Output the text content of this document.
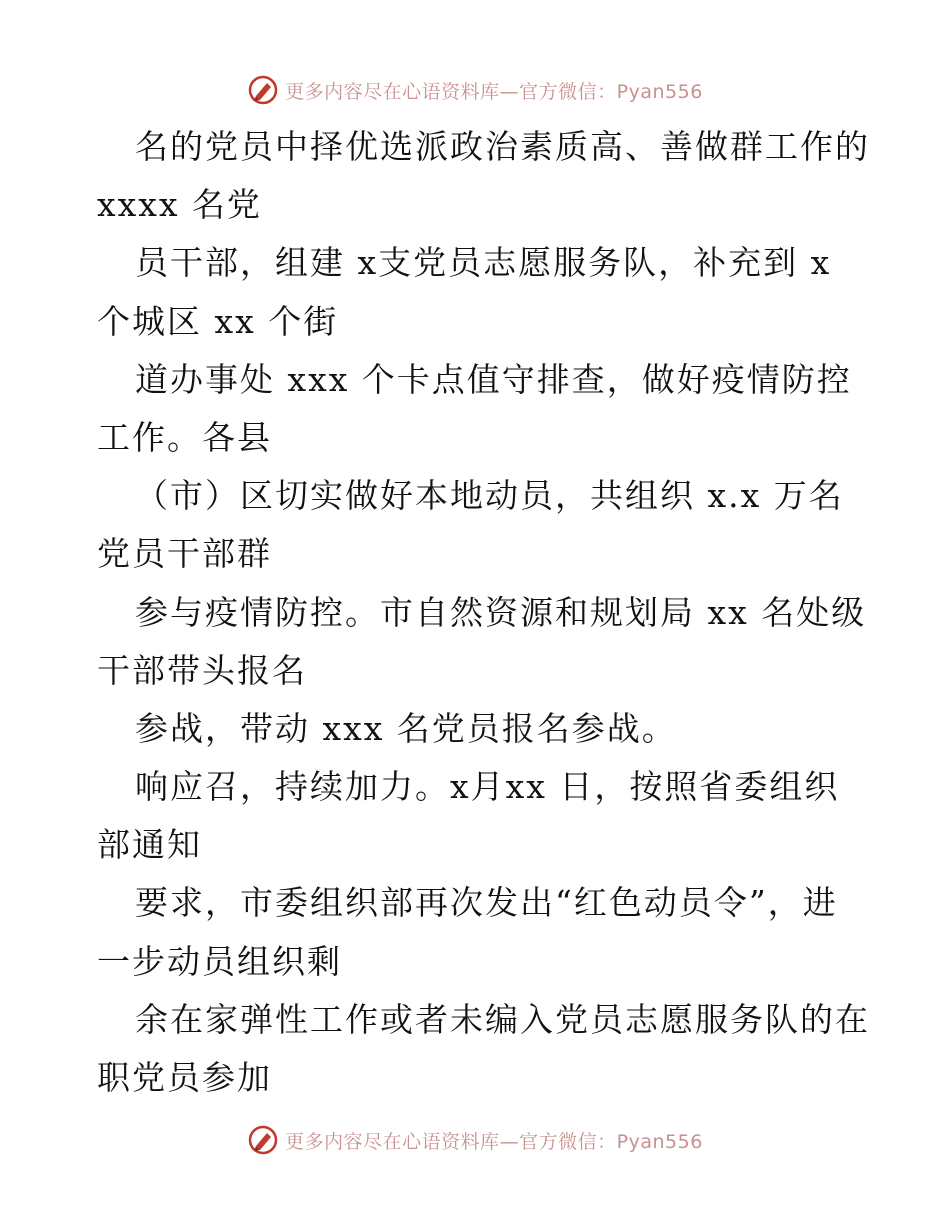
更多内容尽在心语资料库—官方微信：Pyan556
名的党员中择优选派政治素质高、善做群工作的
xxxx 名党
员干部，组建 x支党员志愿服务队，补充到 x
个城区 xx 个街
道办事处 xxx 个卡点值守排查，做好疫情防控
工作。各县
（市）区切实做好本地动员，共组织 x.x 万名
党员干部群
参与疫情防控。市自然资源和规划局 xx 名处级
干部带头报名
参战，带动 xxx 名党员报名参战。
响应召，持续加力。x月xx 日，按照省委组织
部通知
要求，市委组织部再次发出“红色动员令”，进
一步动员组织剩
余在家弹性工作或者未编入党员志愿服务队的在
职党员参加
更多内容尽在心语资料库—官方微信：Pyan556
